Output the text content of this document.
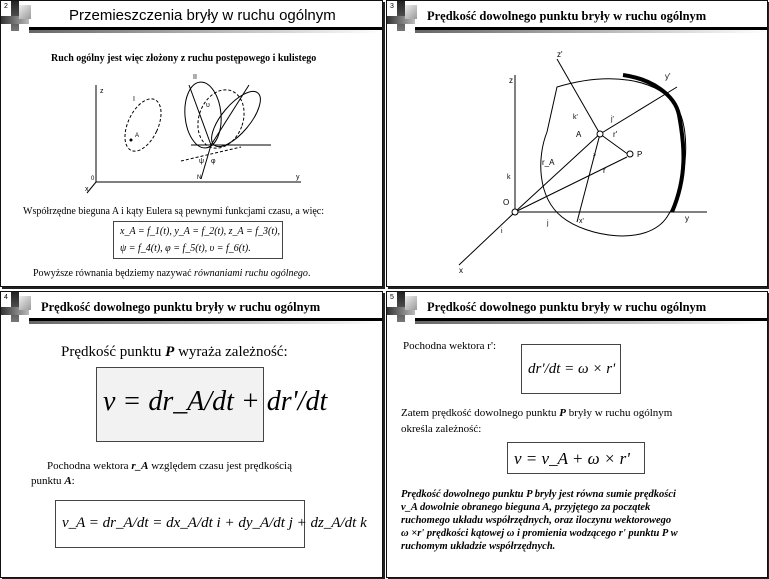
2
Przemieszczenia bryły w ruchu ogólnym
Ruch ogólny jest więc złożony z ruchu postępowego i kulistego
z
y
x
0
I
II
A
υ
ψ φ
N
Współrzędne bieguna A i kąty Eulera są pewnymi funkcjami czasu, a więc:
x_A = f_1(t), y_A = f_2(t), z_A = f_3(t),
ψ = f_4(t), φ = f_5(t), υ = f_6(t).
Powyższe równania będziemy nazywać równaniami ruchu ogólnego.
3
Prędkość dowolnego punktu bryły w ruchu ogólnym
z'
y'
z
k'	j'
A	r'
i'	P
r_A
r
k
O
j	x'	y
i
x
4
Prędkość dowolnego punktu bryły w ruchu ogólnym
Prędkość punktu P wyraża zależność:
v = dr_A/dt + dr'/dt
Pochodna wektora r_A względem czasu jest prędkością
punktu A:
v_A = dr_A/dt = dx_A/dt i + dy_A/dt j + dz_A/dt k
5
Prędkość dowolnego punktu bryły w ruchu ogólnym
Pochodna wektora r':
dr'/dt = ω × r'
Zatem prędkość dowolnego punktu P bryły w ruchu ogólnym
określa zależność:
v = v_A + ω × r'
Prędkość dowolnego punktu P bryły jest równa sumie prędkości
v_A dowolnie obranego bieguna A, przyjętego za początek
ruchomego układu współrzędnych, oraz iloczynu wektorowego
ω ×r' prędkości kątowej ω i promienia wodzącego r' punktu P w
ruchomym układzie współrzędnych.
